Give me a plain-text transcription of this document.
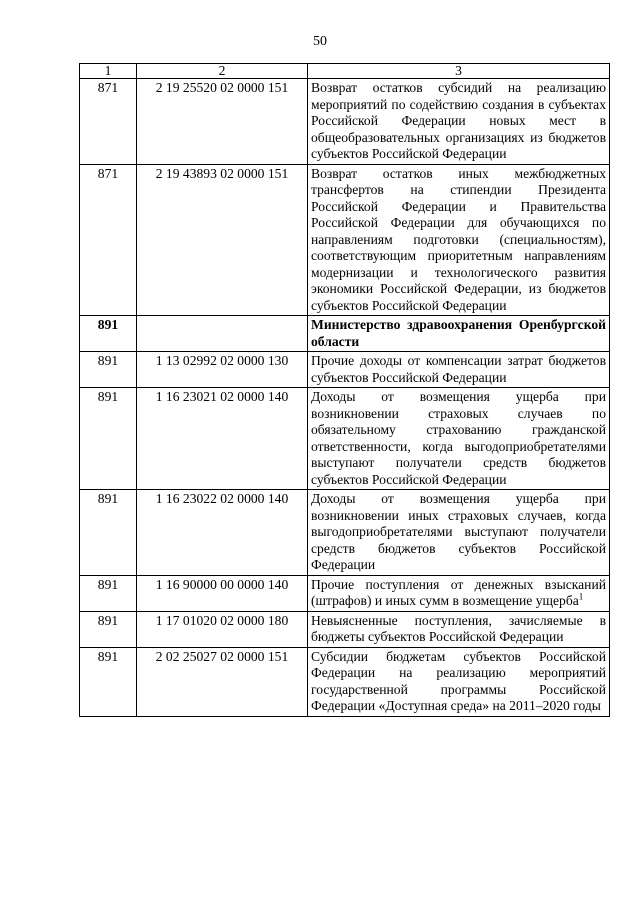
50
1	2	3
871	2 19 25520 02 0000 151	Возврат остатков субсидий на реализацию мероприятий по содействию создания в субъектах Российской Федерации новых мест в общеобразовательных организациях из бюджетов субъектов Российской Федерации
871	2 19 43893 02 0000 151	Возврат остатков иных межбюджетных трансфертов на стипендии Президента Российской Федерации и Правительства Российской Федерации для обучающихся по направлениям подготовки (специальностям), соответствующим приоритетным направлениям модернизации и технологического развития экономики Российской Федерации, из бюджетов субъектов Российской Федерации
891		Министерство здравоохранения Оренбургской области
891	1 13 02992 02 0000 130	Прочие доходы от компенсации затрат бюджетов субъектов Российской Федерации
891	1 16 23021 02 0000 140	Доходы от возмещения ущерба при возникновении страховых случаев по обязательному страхованию гражданской ответственности, когда выгодоприобретателями выступают получатели средств бюджетов субъектов Российской Федерации
891	1 16 23022 02 0000 140	Доходы от возмещения ущерба при возникновении иных страховых случаев, когда выгодоприобретателями выступают получатели средств бюджетов субъектов Российской Федерации
891	1 16 90000 00 0000 140	Прочие поступления от денежных взысканий (штрафов) и иных сумм в возмещение ущерба$^1$
891	1 17 01020 02 0000 180	Невыясненные поступления, зачисляемые в бюджеты субъектов Российской Федерации
891	2 02 25027 02 0000 151	Субсидии бюджетам субъектов Российской Федерации на реализацию мероприятий государственной программы Российской Федерации «Доступная среда» на 2011–2020 годы
